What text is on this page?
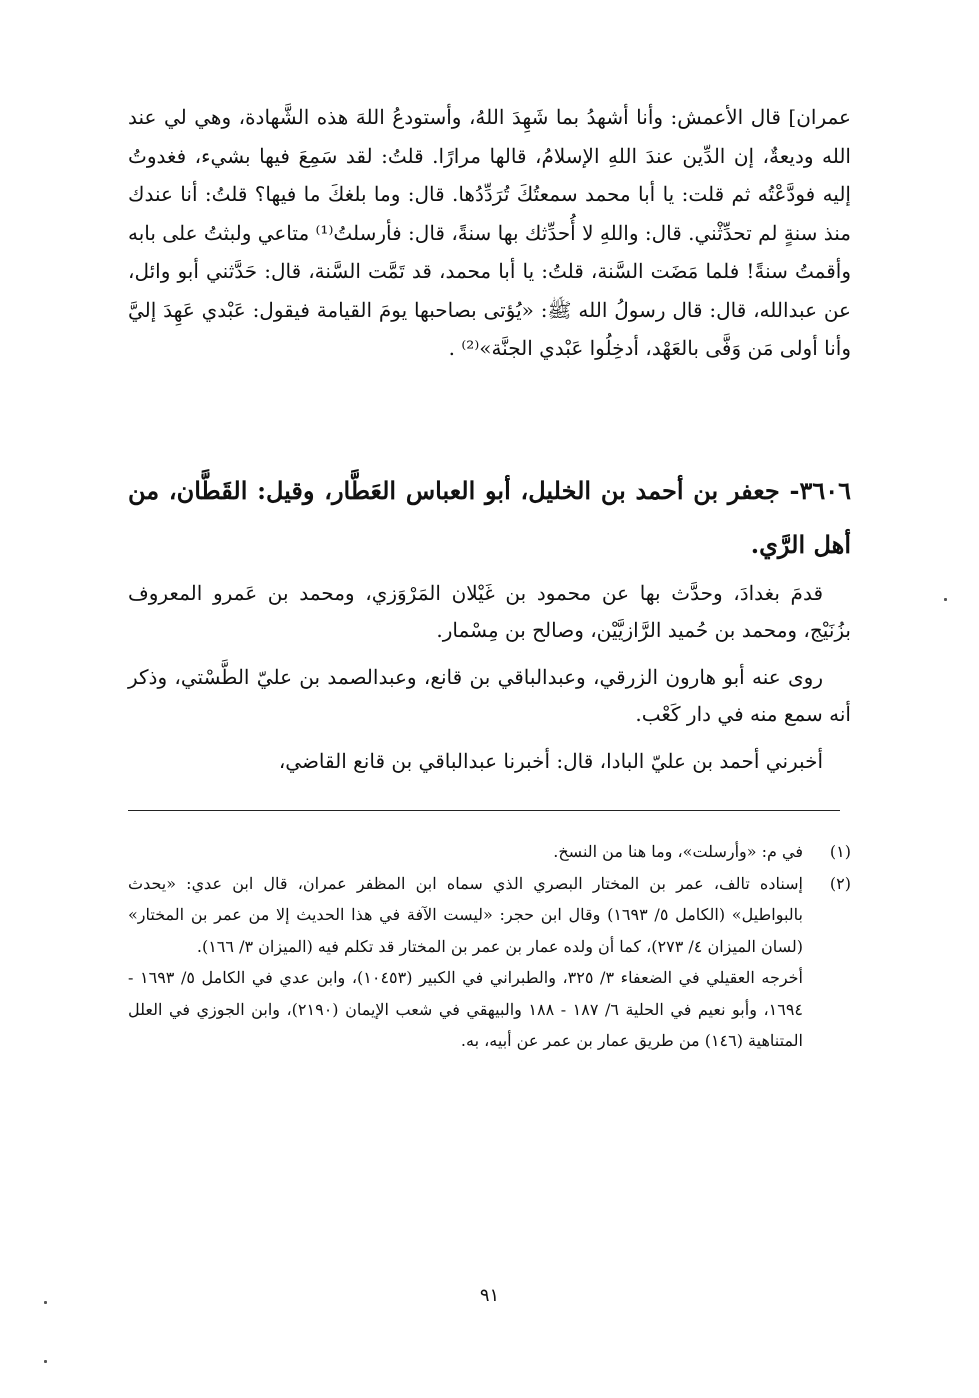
عمران] قال الأعمش: وأنا أشهدُ بما شَهِدَ اللهُ، وأستودعُ اللهَ هذه الشَّهادة، وهي لي عند الله وديعةٌ، إن الدِّين عندَ اللهِ الإسلامُ، قالها مرارًا. قلتُ: لقد سَمِعَ فيها بشيء، فغدوتُ إليه فودَّعْتُه ثم قلت: يا أبا محمد سمعتُكَ تُرَدِّدُها. قال: وما بلغكَ ما فيها؟ قلتُ: أنا عندك منذ سنةٍ لم تحدِّثْني. قال: واللهِ لا أُحدِّثك بها سنةً، قال: فأرسلتُ⁽¹⁾ متاعي ولبثتُ على بابه وأقمتُ سنةً! فلما مَضَت السَّنة، قلتُ: يا أبا محمد، قد تَمَّت السَّنة، قال: حَدَّثني أبو وائل، عن عبدالله، قال: قال رسولُ الله ﷺ: «يُؤتى بصاحبها يومَ القيامة فيقول: عَبْدي عَهِدَ إليَّ وأنا أولى مَن وَفَّى بالعَهْد، أدخِلُوا عَبْدي الجنَّة»⁽²⁾ .

٣٦٠٦- جعفر بن أحمد بن الخليل، أبو العباس العَطَّار، وقيل: القَطَّان، من أهل الرَّي.

قدمَ بغدادَ، وحدَّث بها عن محمود بن غَيْلان المَرْوَزي، ومحمد بن عَمرو المعروف بزُنَيْج، ومحمد بن حُميد الرَّازيَّيْن، وصالح بن مِسْمار.

روى عنه أبو هارون الزرقي، وعبدالباقي بن قانع، وعبدالصمد بن عليّ الطَّسْتي، وذكر أنه سمع منه في دار كَعْب.

أخبرني أحمد بن عليّ البادا، قال: أخبرنا عبدالباقي بن قانع القاضي،

(١)
في م: «وأرسلت»، وما هنا من النسخ.
(٢)
إسناده تالف، عمر بن المختار البصري الذي سماه ابن المظفر عمران، قال ابن عدي: «يحدث بالبواطيل» (الكامل ٥/ ١٦٩٣) وقال ابن حجر: «ليست الآفة في هذا الحديث إلا من عمر بن المختار» (لسان الميزان ٤/ ٢٧٣)، كما أن ولده عمار بن عمر بن المختار قد تكلم فيه (الميزان ٣/ ١٦٦).

أخرجه العقيلي في الضعفاء ٣/ ٣٢٥، والطبراني في الكبير (١٠٤٥٣)، وابن عدي في الكامل ٥/ ١٦٩٣ - ١٦٩٤، وأبو نعيم في الحلية ٦/ ١٨٧ - ١٨٨ والبيهقي في شعب الإيمان (٢١٩٠)، وابن الجوزي في العلل المتناهية (١٤٦) من طريق عمار بن عمر عن أبيه، به.

٩١
